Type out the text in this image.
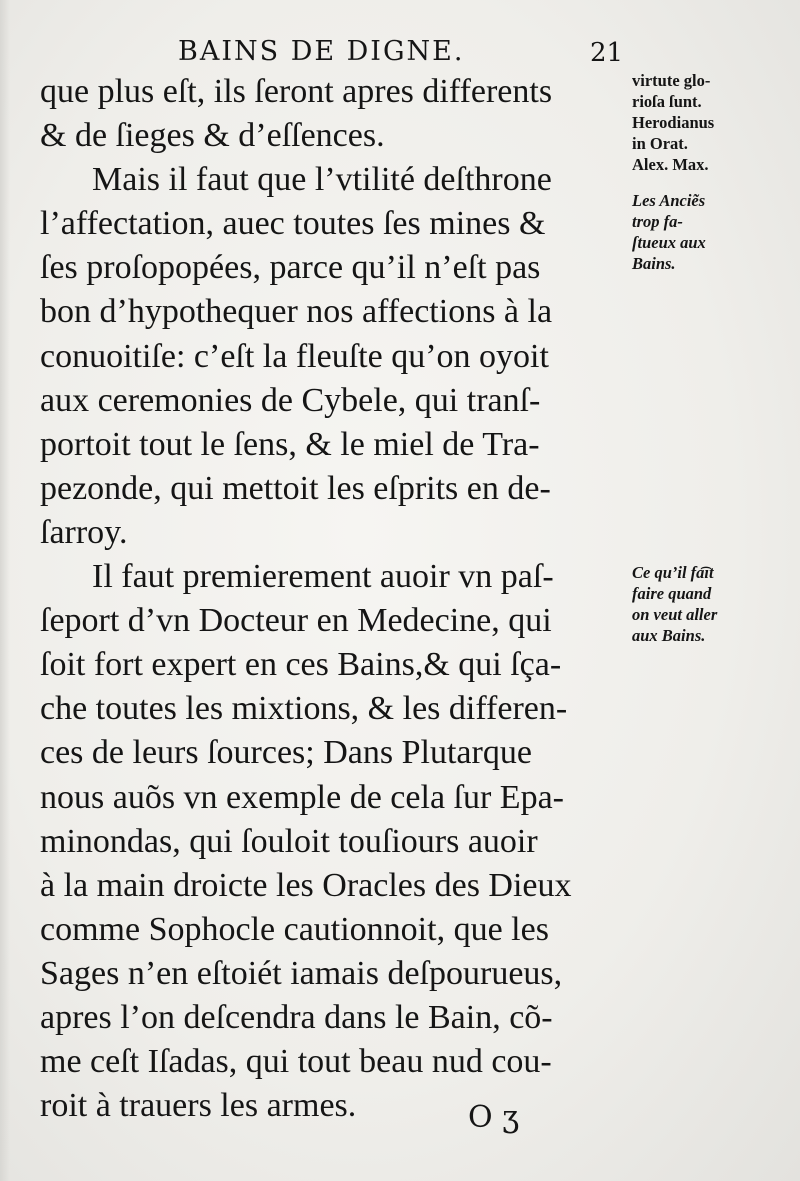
BAINS DE DIGNE.	21
que plus eſt, ils ſeront apres differents
& de ſieges & d’eſſences.
Mais il faut que l’vtilité deſthrone
l’affectation, auec toutes ſes mines &
ſes proſopopées, parce qu’il n’eſt pas
bon d’hypothequer nos affections à la
conuoitiſe: c’eſt la fleuſte qu’on oyoit
aux ceremonies de Cybele, qui tranſ-
portoit tout le ſens, & le miel de Tra-
pezonde, qui mettoit les eſprits en de-
ſarroy.
Il faut premierement auoir vn paſ-
ſeport d’vn Docteur en Medecine, qui
ſoit fort expert en ces Bains,& qui ſça-
che toutes les mixtions, & les differen-
ces de leurs ſources; Dans Plutarque
nous auõs vn exemple de cela ſur Epa-
minondas, qui ſouloit touſiours auoir
à la main droicte les Oracles des Dieux
comme Sophocle cautionnoit, que les
Sages n’en eſtoiét iamais deſpourueus,
apres l’on deſcendra dans le Bain, cõ-
me ceſt Iſadas, qui tout beau nud cou-
roit à trauers les armes.
virtute glo-
rioſa ſunt.
Herodianus
in Orat.
Alex. Max.
Les Anciẽs
trop fa-
ſtueux aux
Bains.
Ce qu’il fa͡ıt
faire quand
on veut aller
aux Bains.
O ʒ
